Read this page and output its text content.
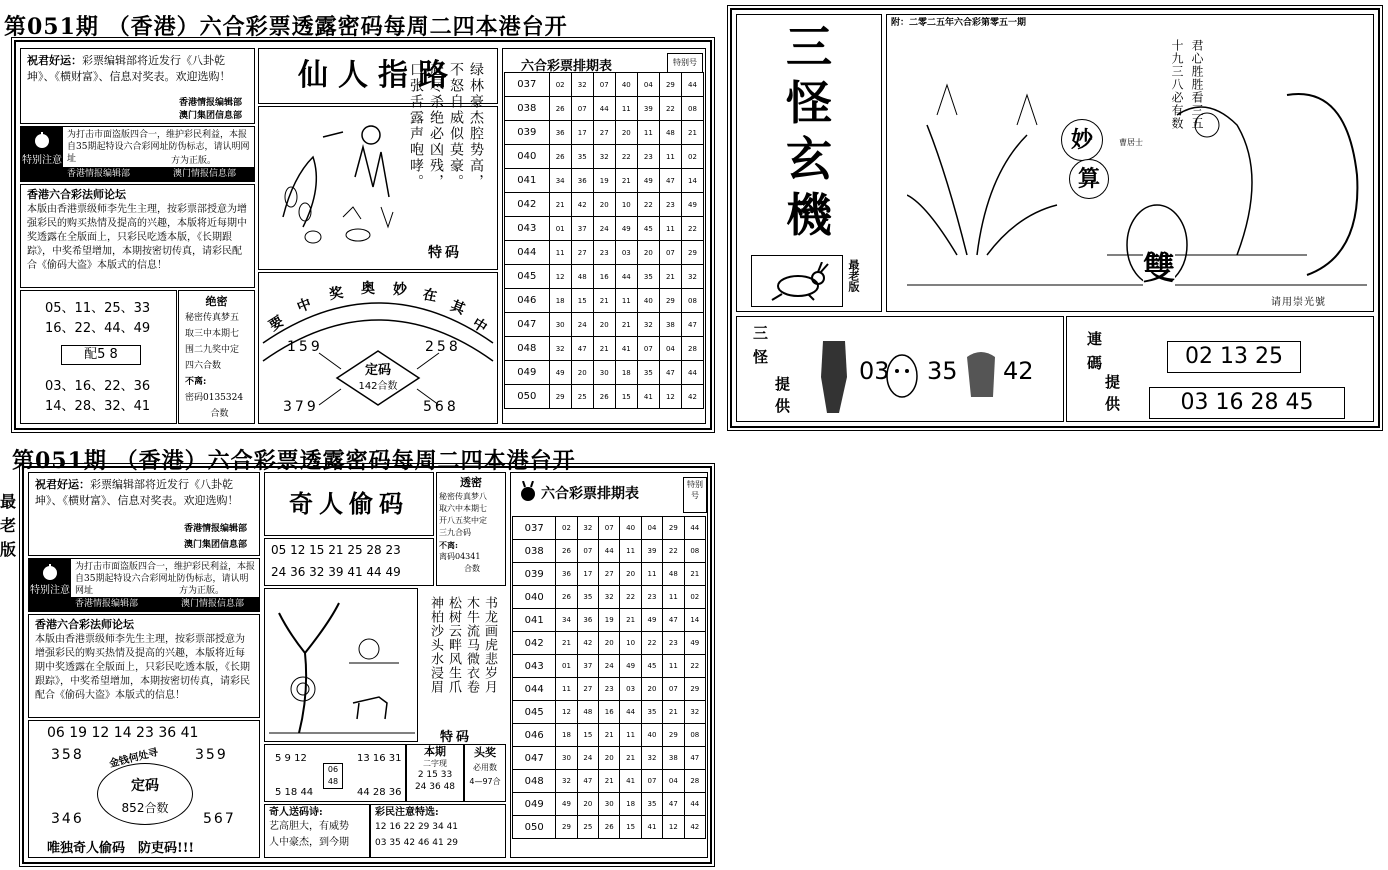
第051期 （香港）六合彩票透露密码每周二四本港台开
祝君好运：彩票编辑部将近发行《八卦乾坤》、《横财富》、信息对奖表。欢迎选购！
香港情报编辑部
澳门集团信息部
特别注意
为打击市面盗版四合一，维护彩民利益，本报自35期起特设六合彩网址防伪标志，请认明网址	方为正版。
香港情报编辑部	澳门情报信息部
香港六合彩法师论坛
本版由香港票级师李先生主理，按彩票部授意为增强彩民的购买热情及提高的兴趣，本版将近每期中奖透露在全版面上，只彩民吃透本版，《长期跟踪》，中奖希望增加，本期按密切传真，请彩民配合《偷码大盗》本版式的信息！
05、11、25、33
16、22、44、49
配5 8
03、16、22、36
14、28、32、41
绝密
秘密传真梦五
取三中本期七
围二九奖中定
四六合数
不离:
密码0135324
合数
仙人指路 绿林豪杰腔势高，
不怒自威似莫豪。
赶尽杀绝必凶残，
口张舌露声咆哮。
特码
要
中
奖 奥 妙 在
其
中
定码
142合数
159	258
379	568
六合彩票排期表	特别号
037	02	32	07	40	04	29	44
038	26	07	44	11	39	22	08
039	36	17	27	20	11	48	21
040	26	35	32	22	23	11	02
041	34	36	19	21	49	47	14
042	21	42	20	10	22	23	49
043	01	37	24	49	45	11	22
044	11	27	23	03	20	07	29
045	12	48	16	44	35	21	32
046	18	15	21	11	40	29	08
047	30	24	20	21	32	38	47
048	32	47	21	41	07	04	28
049	49	20	30	18	35	47	44
050	29	25	26	15	41	12	42
三
怪
玄
機
最老版
附：二零二五年六合彩第零五一期
君心胜胜看三五
十九三八必有数
曹居士
妙
算
雙
请用崇光號
三怪
提供
03 35 42
連碼
提供
02 13 25
03 16 28 45
第051期 （香港）六合彩票透露密码每周二四本港台开
最老版
祝君好运：彩票编辑部将近发行《八卦乾坤》、《横财富》、信息对奖表。欢迎选购！
香港情报编辑部
澳门集团信息部
特别注意
为打击市面盗版四合一，维护彩民利益，本报自35期起特设六合彩网址防伪标志，请认明网址	方为正版。
香港情报编辑部	澳门情报信息部
香港六合彩法师论坛
本版由香港票级师李先生主理，按彩票部授意为增强彩民的购买热情及提高的兴趣，本版将近每期中奖透露在全版面上，只彩民吃透本版，《长期跟踪》，中奖希望增加，本期按密切传真，请彩民配合《偷码大盗》本版式的信息！
06 19 12 14 23 36 41
金钱何处寻
定码
852合数
358	359
346	567
唯独奇人偷码　防吏码!!!
奇人偷码
05 12 15 21 25 28 23
24 36 32 39 41 44 49
透密
秘密传真梦八
取六中本期七
开八五奖中定
三九合码
不离:
离码04341
合数
书龙画虎悲岁月
木牛流马微衣卷
松树云畔风生爪
神柏沙头水浸眉
特码
5 9 12
06 48
13 16 31
5 18 44	44 28 36
本期
二字现
2 15 33
24 36 48
头奖
必用数
4—97合
奇人送码诗:
艺高胆大，有威势
人中豪杰，到今期
彩民注意特选:
12 16 22 29 34 41
03 35 42 46 41 29
六合彩票排期表
特别号
037	02	32	07	40	04	29	44
038	26	07	44	11	39	22	08
039	36	17	27	20	11	48	21
040	26	35	32	22	23	11	02
041	34	36	19	21	49	47	14
042	21	42	20	10	22	23	49
043	01	37	24	49	45	11	22
044	11	27	23	03	20	07	29
045	12	48	16	44	35	21	32
046	18	15	21	11	40	29	08
047	30	24	20	21	32	38	47
048	32	47	21	41	07	04	28
049	49	20	30	18	35	47	44
050	29	25	26	15	41	12	42
